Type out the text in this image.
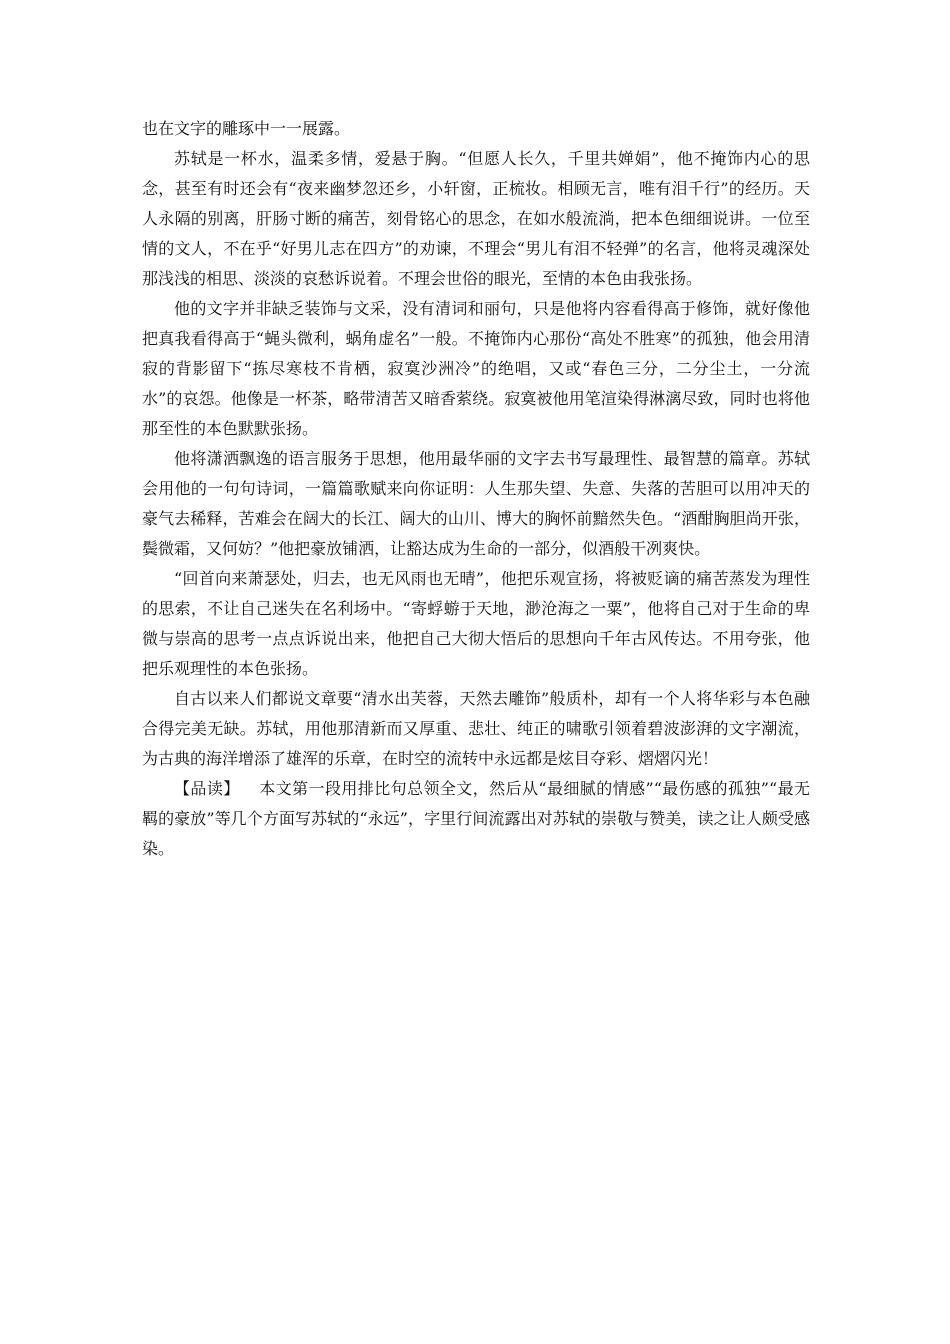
也在文字的雕琢中一一展露。

苏轼是一杯水，温柔多情，爱悬于胸。“但愿人长久，千里共婵娟”，他不掩饰内心的思念，甚至有时还会有“夜来幽梦忽还乡，小轩窗，正梳妆。相顾无言，唯有泪千行”的经历。天人永隔的别离，肝肠寸断的痛苦，刻骨铭心的思念，在如水般流淌，把本色细细说讲。一位至情的文人，不在乎“好男儿志在四方”的劝谏，不理会“男儿有泪不轻弹”的名言，他将灵魂深处那浅浅的相思、淡淡的哀愁诉说着。不理会世俗的眼光，至情的本色由我张扬。

他的文字并非缺乏装饰与文采，没有清词和丽句，只是他将内容看得高于修饰，就好像他把真我看得高于“蝇头微利，蜗角虚名”一般。不掩饰内心那份“高处不胜寒”的孤独，他会用清寂的背影留下“拣尽寒枝不肯栖，寂寞沙洲冷”的绝唱，又或“春色三分，二分尘土，一分流水”的哀怨。他像是一杯茶，略带清苦又暗香萦绕。寂寞被他用笔渲染得淋漓尽致，同时也将他那至性的本色默默张扬。

他将潇洒飘逸的语言服务于思想，他用最华丽的文字去书写最理性、最智慧的篇章。苏轼会用他的一句句诗词，一篇篇歌赋来向你证明：人生那失望、失意、失落的苦胆可以用冲天的豪气去稀释，苦难会在阔大的长江、阔大的山川、博大的胸怀前黯然失色。“酒酣胸胆尚开张，鬓微霜，又何妨？”他把豪放铺洒，让豁达成为生命的一部分，似酒般干冽爽快。

“回首向来萧瑟处，归去，也无风雨也无晴”，他把乐观宣扬，将被贬谪的痛苦蒸发为理性的思索，不让自己迷失在名利场中。“寄蜉蝣于天地，渺沧海之一粟”，他将自己对于生命的卑微与崇高的思考一点点诉说出来，他把自己大彻大悟后的思想向千年古风传达。不用夸张，他把乐观理性的本色张扬。

自古以来人们都说文章要“清水出芙蓉，天然去雕饰”般质朴，却有一个人将华彩与本色融合得完美无缺。苏轼，用他那清新而又厚重、悲壮、纯正的啸歌引领着碧波澎湃的文字潮流，为古典的海洋增添了雄浑的乐章，在时空的流转中永远都是炫目夺彩、熠熠闪光！

【品读】 本文第一段用排比句总领全文，然后从“最细腻的情感”“最伤感的孤独”“最无羁的豪放”等几个方面写苏轼的“永远”，字里行间流露出对苏轼的崇敬与赞美，读之让人颇受感染。
